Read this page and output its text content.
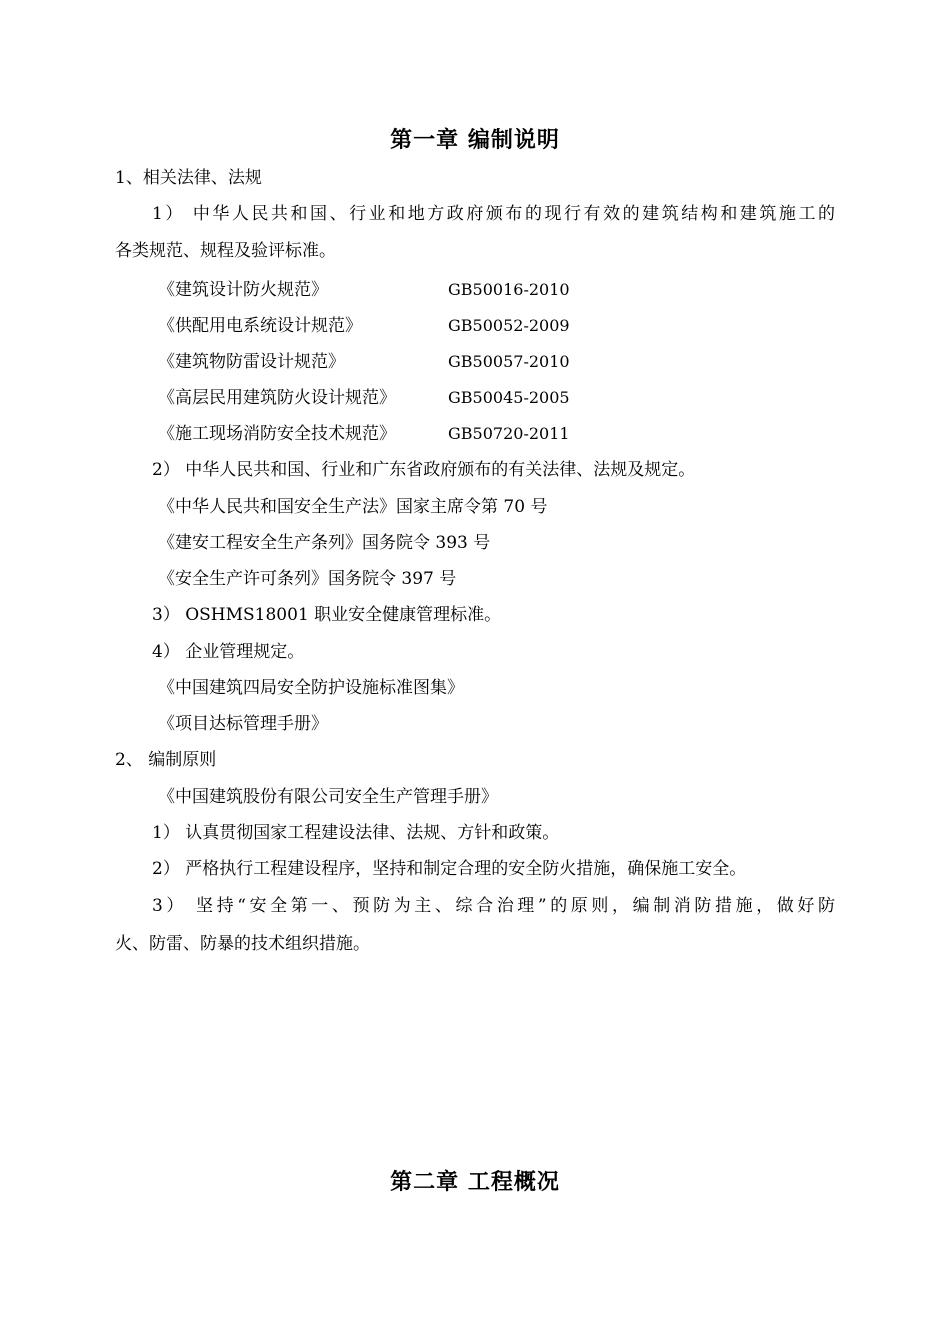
第一章 编制说明
1、相关法律、法规
1） 中华人民共和国、行业和地方政府颁布的现行有效的建筑结构和建筑施工的
各类规范、规程及验评标准。
《建筑设计防火规范》	GB50016-2010
《供配用电系统设计规范》	GB50052-2009
《建筑物防雷设计规范》	GB50057-2010
《高层民用建筑防火设计规范》	GB50045-2005
《施工现场消防安全技术规范》	GB50720-2011
2） 中华人民共和国、行业和广东省政府颁布的有关法律、法规及规定。
《中华人民共和国安全生产法》国家主席令第 70 号
《建安工程安全生产条列》国务院令 393 号
《安全生产许可条列》国务院令 397 号
3） OSHMS18001 职业安全健康管理标准。
4） 企业管理规定。
《中国建筑四局安全防护设施标准图集》
《项目达标管理手册》
2、 编制原则
《中国建筑股份有限公司安全生产管理手册》
1） 认真贯彻国家工程建设法律、法规、方针和政策。
2） 严格执行工程建设程序，坚持和制定合理的安全防火措施，确保施工安全。
3） 坚持“安全第一、预防为主、综合治理”的原则，编制消防措施，做好防
火、防雷、防暴的技术组织措施。
第二章 工程概况
